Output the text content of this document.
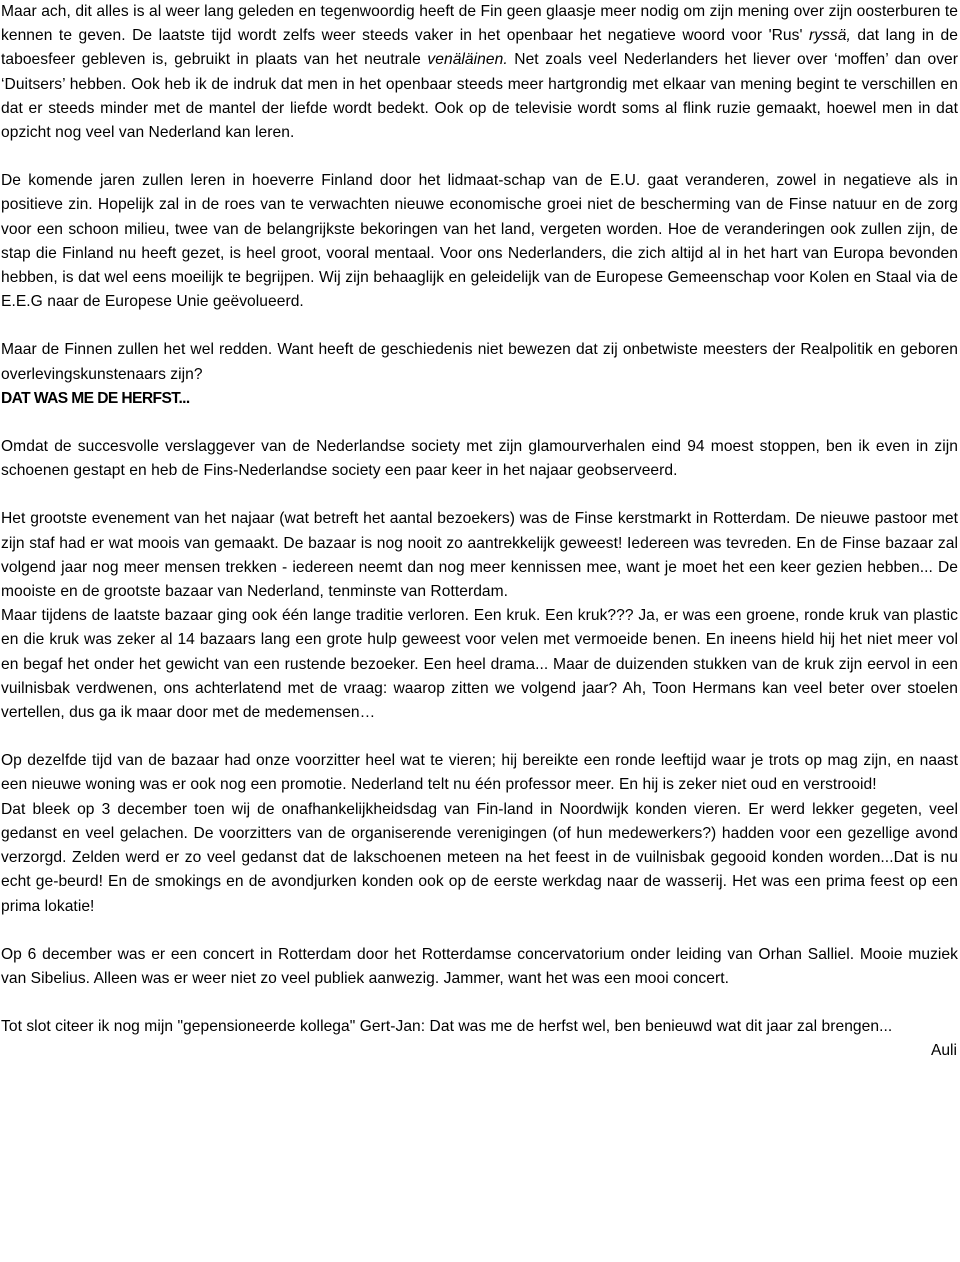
Maar ach, dit alles is al weer lang geleden en tegenwoordig heeft de Fin geen glaasje meer nodig om zijn mening over zijn oosterburen te kennen te geven. De laatste tijd wordt zelfs weer steeds vaker in het openbaar het negatieve woord voor 'Rus' ryssä, dat lang in de taboesfeer gebleven is, gebruikt in plaats van het neutrale venäläinen. Net zoals veel Nederlanders het liever over ‘moffen’ dan over ‘Duitsers’ hebben. Ook heb ik de indruk dat men in het openbaar steeds meer hartgrondig met elkaar van mening begint te verschillen en dat er steeds minder met de mantel der liefde wordt bedekt. Ook op de televisie wordt soms al flink ruzie gemaakt, hoewel men in dat opzicht nog veel van Nederland kan leren.

De komende jaren zullen leren in hoeverre Finland door het lidmaat-schap van de E.U. gaat veranderen, zowel in negatieve als in positieve zin. Hopelijk zal in de roes van te verwachten nieuwe economische groei niet de bescherming van de Finse natuur en de zorg voor een schoon milieu, twee van de belangrijkste bekoringen van het land, vergeten worden. Hoe de veranderingen ook zullen zijn, de stap die Finland nu heeft gezet, is heel groot, vooral mentaal. Voor ons Nederlanders, die zich altijd al in het hart van Europa bevonden hebben, is dat wel eens moeilijk te begrijpen. Wij zijn behaaglijk en geleidelijk van de Europese Gemeenschap voor Kolen en Staal via de E.E.G naar de Europese Unie geëvolueerd.

Maar de Finnen zullen het wel redden. Want heeft de geschiedenis niet bewezen dat zij onbetwiste meesters der Realpolitik en geboren overlevingskunstenaars zijn?

DAT WAS ME DE HERFST...

Omdat de succesvolle verslaggever van de Nederlandse society met zijn glamourverhalen eind 94 moest stoppen, ben ik even in zijn schoenen gestapt en heb de Fins-Nederlandse society een paar keer in het najaar geobserveerd.

Het grootste evenement van het najaar (wat betreft het aantal bezoekers) was de Finse kerstmarkt in Rotterdam. De nieuwe pastoor met zijn staf had er wat moois van gemaakt. De bazaar is nog nooit zo aantrekkelijk geweest! Iedereen was tevreden. En de Finse bazaar zal volgend jaar nog meer mensen trekken - iedereen neemt dan nog meer kennissen mee, want je moet het een keer gezien hebben... De mooiste en de grootste bazaar van Nederland, tenminste van Rotterdam.

Maar tijdens de laatste bazaar ging ook één lange traditie verloren. Een kruk. Een kruk??? Ja, er was een groene, ronde kruk van plastic en die kruk was zeker al 14 bazaars lang een grote hulp geweest voor velen met vermoeide benen. En ineens hield hij het niet meer vol en begaf het onder het gewicht van een rustende bezoeker. Een heel drama... Maar de duizenden stukken van de kruk zijn eervol in een vuilnisbak verdwenen, ons achterlatend met de vraag: waarop zitten we volgend jaar? Ah, Toon Hermans kan veel beter over stoelen vertellen, dus ga ik maar door met de medemensen…

Op dezelfde tijd van de bazaar had onze voorzitter heel wat te vieren; hij bereikte een ronde leeftijd waar je trots op mag zijn, en naast een nieuwe woning was er ook nog een promotie. Nederland telt nu één professor meer. En hij is zeker niet oud en verstrooid!

Dat bleek op 3 december toen wij de onafhankelijkheidsdag van Fin-land in Noordwijk konden vieren. Er werd lekker gegeten, veel gedanst en veel gelachen. De voorzitters van de organiserende verenigingen (of hun medewerkers?) hadden voor een gezellige avond verzorgd. Zelden werd er zo veel gedanst dat de lakschoenen meteen na het feest in de vuilnisbak gegooid konden worden...Dat is nu echt ge-beurd! En de smokings en de avondjurken konden ook op de eerste werkdag naar de wasserij. Het was een prima feest op een prima lokatie!

Op 6 december was er een concert in Rotterdam door het Rotterdamse concervatorium onder leiding van Orhan Salliel. Mooie muziek van Sibelius. Alleen was er weer niet zo veel publiek aanwezig. Jammer, want het was een mooi concert.

Tot slot citeer ik nog mijn "gepensioneerde kollega" Gert-Jan: Dat was me de herfst wel, ben benieuwd wat dit jaar zal brengen...

Auli
